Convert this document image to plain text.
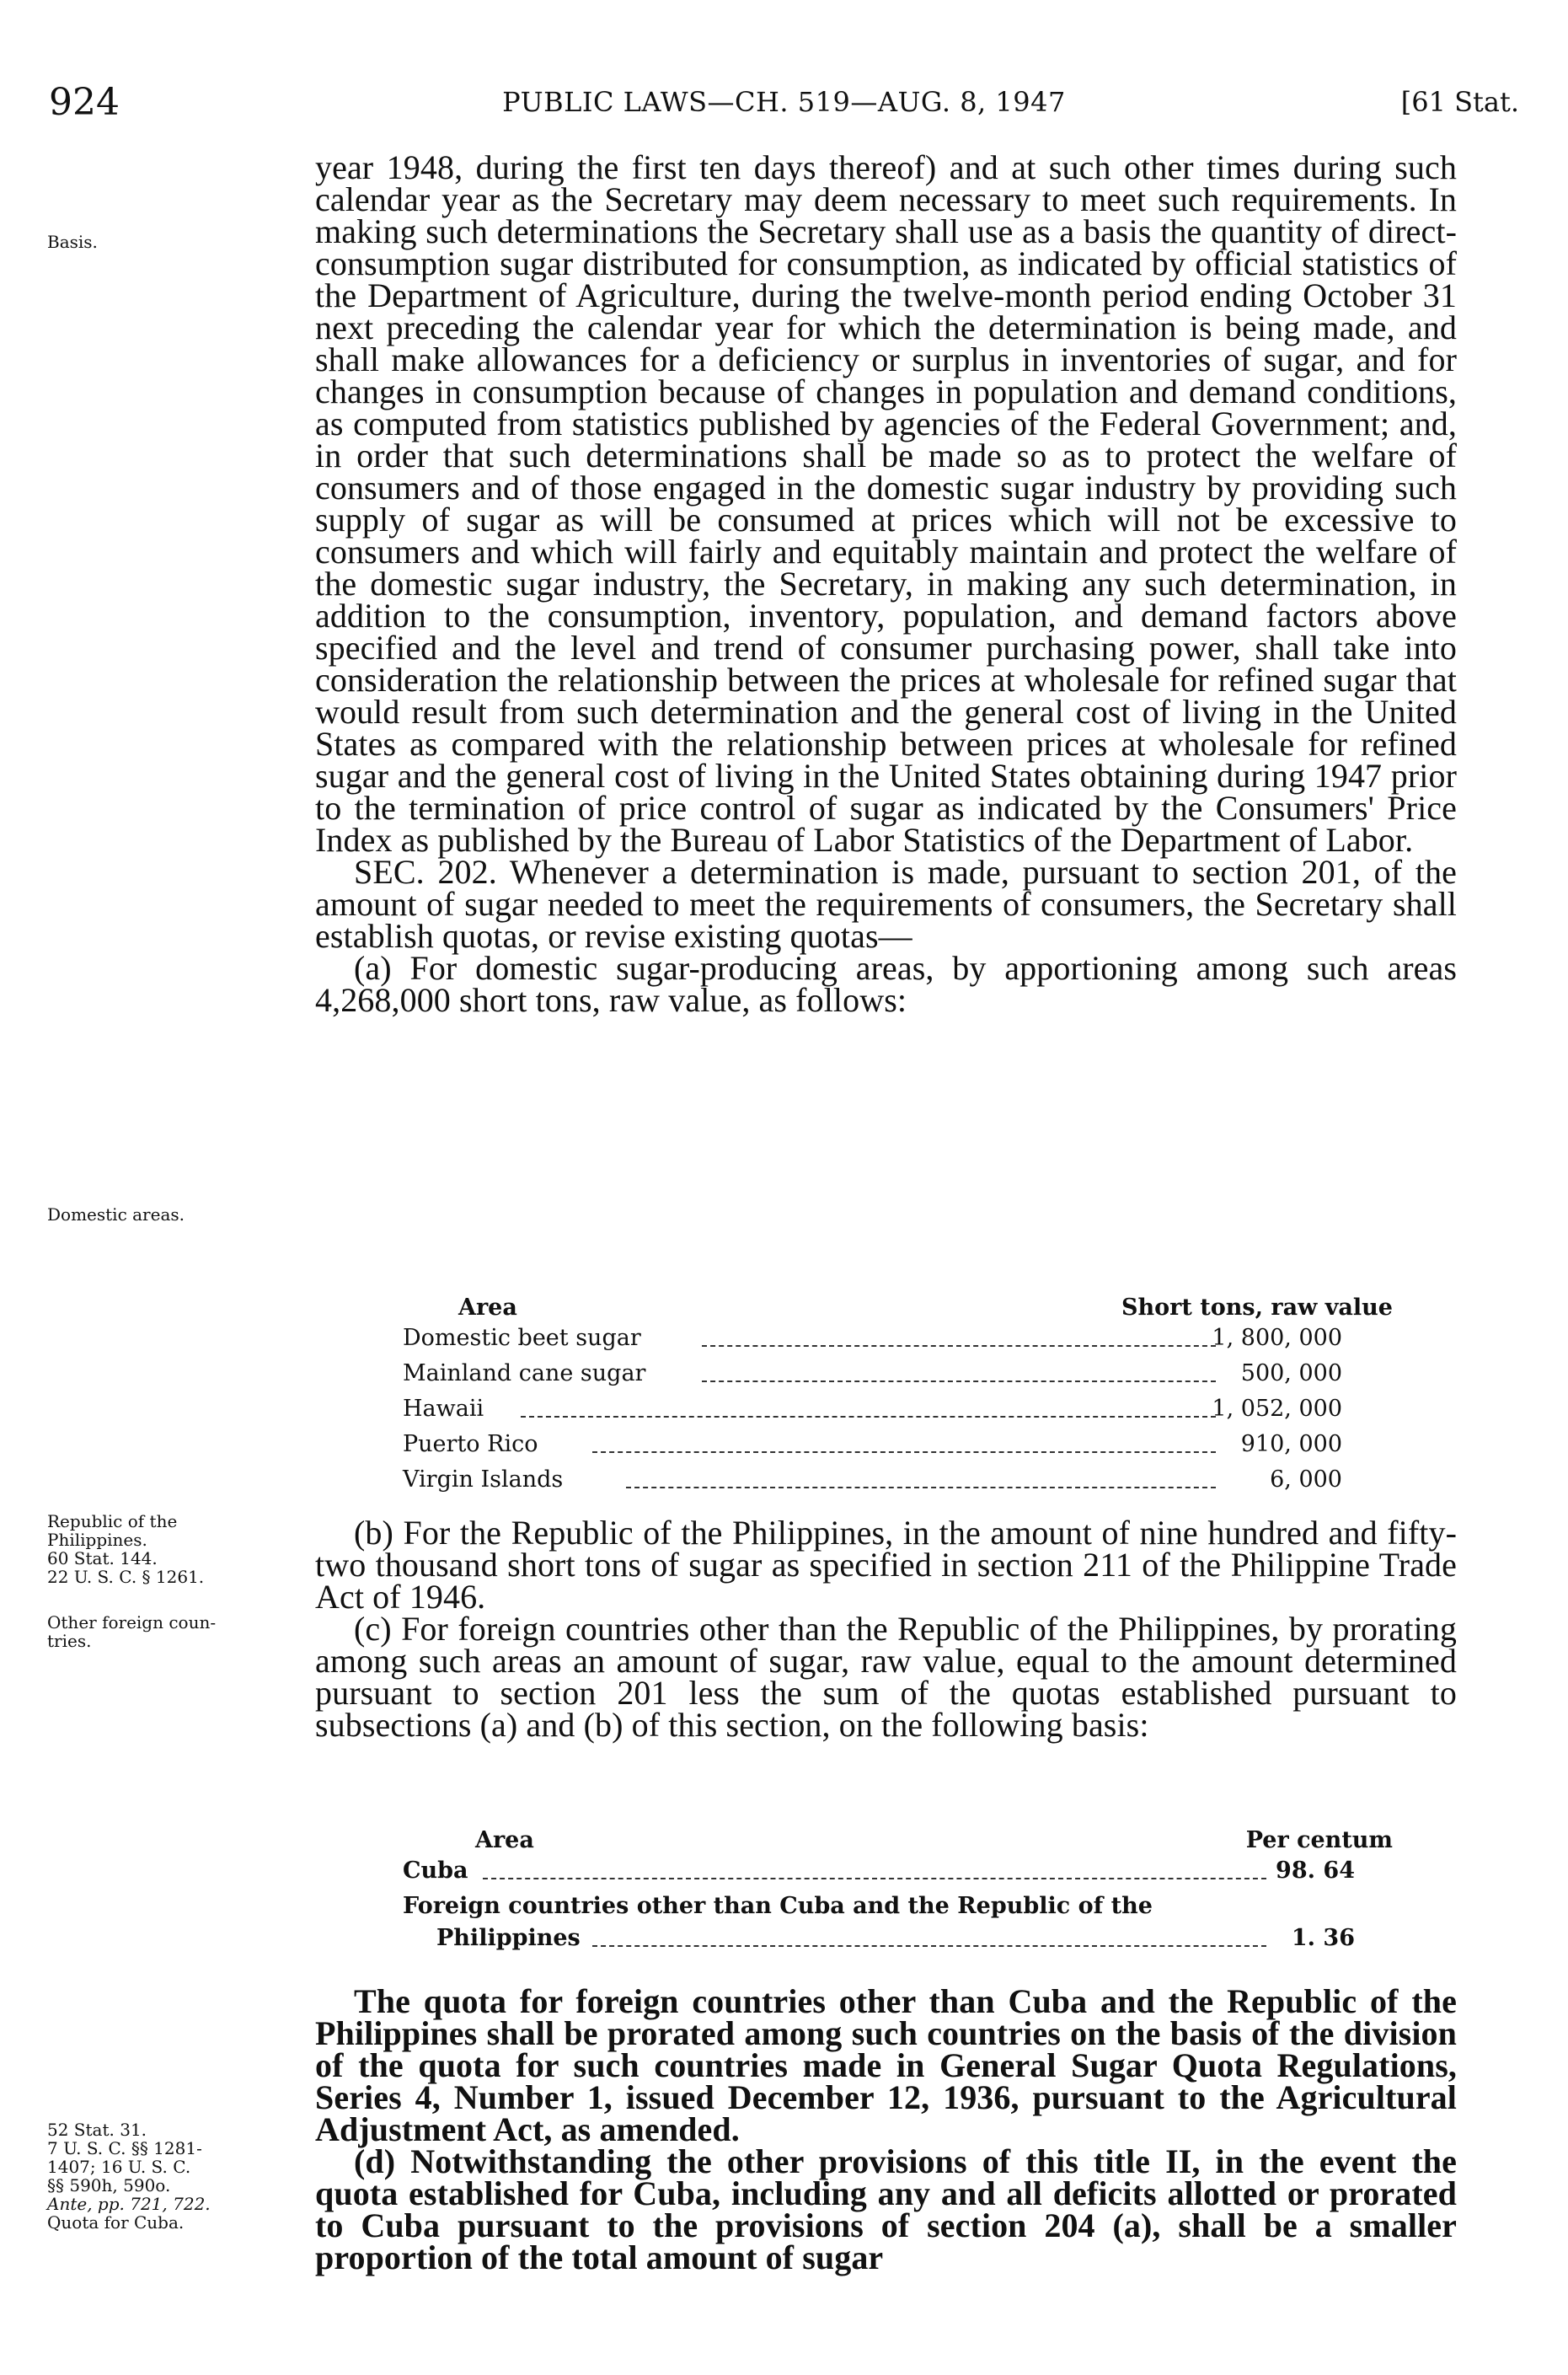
924	PUBLIC LAWS—CH. 519—AUG. 8, 1947	[61 Stat.
Basis.
Domestic areas.
Republic of the
Philippines.
60 Stat. 144.
22 U. S. C. § 1261.
Other foreign coun-
tries.
52 Stat. 31.
7 U. S. C. §§ 1281-
1407; 16 U. S. C.
§§ 590h, 590o.
Ante, pp. 721, 722.
Quota for Cuba.

year 1948, during the first ten days thereof) and at such other times during such calendar year as the Secretary may deem necessary to meet such requirements. In making such determinations the Secretary shall use as a basis the quantity of direct-consumption sugar distributed for consumption, as indicated by official statistics of the Department of Agriculture, during the twelve-month period ending October 31 next preceding the calendar year for which the determination is being made, and shall make allowances for a deficiency or surplus in inventories of sugar, and for changes in consumption because of changes in population and demand conditions, as computed from statistics published by agencies of the Federal Government; and, in order that such determinations shall be made so as to protect the welfare of consumers and of those engaged in the domestic sugar industry by providing such supply of sugar as will be consumed at prices which will not be excessive to consumers and which will fairly and equitably maintain and protect the welfare of the domestic sugar industry, the Secretary, in making any such determination, in addition to the consumption, inventory, population, and demand factors above specified and the level and trend of consumer purchasing power, shall take into consideration the relationship between the prices at wholesale for refined sugar that would result from such determination and the general cost of living in the United States as compared with the relationship between prices at wholesale for refined sugar and the general cost of living in the United States obtaining during 1947 prior to the termination of price control of sugar as indicated by the Consumers' Price Index as published by the Bureau of Labor Statistics of the Department of Labor.

SEC. 202. Whenever a determination is made, pursuant to section 201, of the amount of sugar needed to meet the requirements of consumers, the Secretary shall establish quotas, or revise existing quotas—

(a) For domestic sugar-producing areas, by apportioning among such areas 4,268,000 short tons, raw value, as follows:

Area	Short tons, raw value
Domestic beet sugar	1, 800, 000
Mainland cane sugar	500, 000
Hawaii	1, 052, 000
Puerto Rico	910, 000
Virgin Islands	6, 000

(b) For the Republic of the Philippines, in the amount of nine hundred and fifty-two thousand short tons of sugar as specified in section 211 of the Philippine Trade Act of 1946.

(c) For foreign countries other than the Republic of the Philippines, by prorating among such areas an amount of sugar, raw value, equal to the amount determined pursuant to section 201 less the sum of the quotas established pursuant to subsections (a) and (b) of this section, on the following basis:

Area	Per centum
Cuba	98. 64
Foreign countries other than Cuba and the Republic of the
Philippines	1. 36

The quota for foreign countries other than Cuba and the Republic of the Philippines shall be prorated among such countries on the basis of the division of the quota for such countries made in General Sugar Quota Regulations, Series 4, Number 1, issued December 12, 1936, pursuant to the Agricultural Adjustment Act, as amended.

(d) Notwithstanding the other provisions of this title II, in the event the quota established for Cuba, including any and all deficits allotted or prorated to Cuba pursuant to the provisions of section 204 (a), shall be a smaller proportion of the total amount of sugar
